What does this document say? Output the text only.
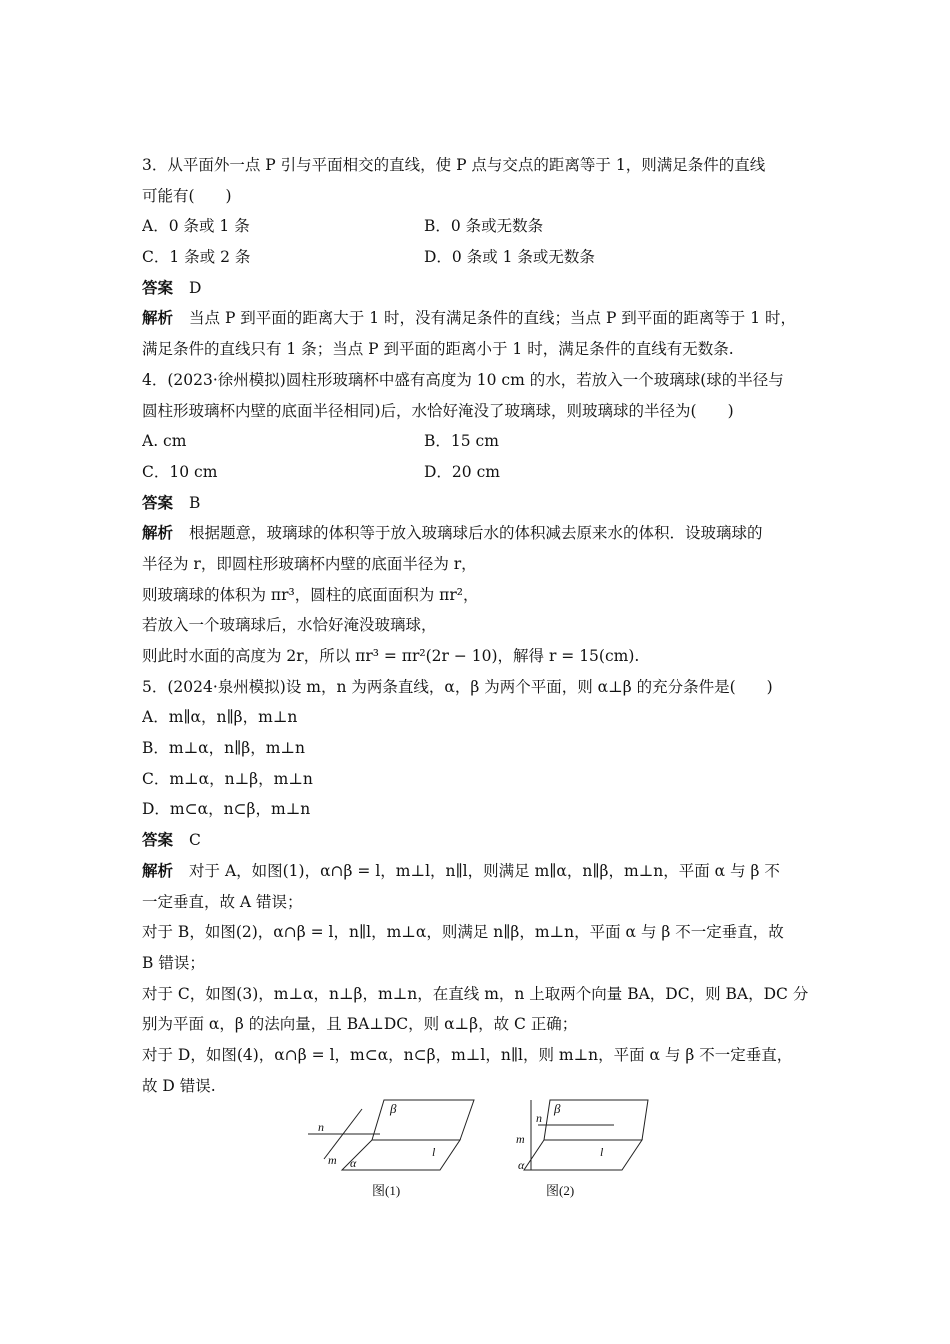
3．从平面外一点 P 引与平面相交的直线，使 P 点与交点的距离等于 1，则满足条件的直线
可能有(　　)
A．0 条或 1 条	B．0 条或无数条
C．1 条或 2 条	D．0 条或 1 条或无数条
答案 D
解析 当点 P 到平面的距离大于 1 时，没有满足条件的直线；当点 P 到平面的距离等于 1 时，
满足条件的直线只有 1 条；当点 P 到平面的距离小于 1 时，满足条件的直线有无数条.
4．(2023·徐州模拟)圆柱形玻璃杯中盛有高度为 10 cm 的水，若放入一个玻璃球(球的半径与
圆柱形玻璃杯内壁的底面半径相同)后，水恰好淹没了玻璃球，则玻璃球的半径为(　　)
A. cm	B．15 cm
C．10 cm	D．20 cm
答案 B
解析 根据题意，玻璃球的体积等于放入玻璃球后水的体积减去原来水的体积．设玻璃球的
半径为 r，即圆柱形玻璃杯内壁的底面半径为 r，
则玻璃球的体积为 πr³，圆柱的底面面积为 πr²，
若放入一个玻璃球后，水恰好淹没玻璃球，
则此时水面的高度为 2r，所以 πr³ = πr²(2r − 10)，解得 r = 15(cm).
5．(2024·泉州模拟)设 m，n 为两条直线，α，β 为两个平面，则 α⊥β 的充分条件是(　　)
A．m∥α，n∥β，m⊥n
B．m⊥α，n∥β，m⊥n
C．m⊥α，n⊥β，m⊥n
D．m⊂α，n⊂β，m⊥n
答案 C
解析 对于 A，如图(1)，α∩β = l，m⊥l，n∥l，则满足 m∥α，n∥β，m⊥n，平面 α 与 β 不
一定垂直，故 A 错误；
对于 B，如图(2)，α∩β = l，n∥l，m⊥α，则满足 n∥β，m⊥n，平面 α 与 β 不一定垂直，故
B 错误；
对于 C，如图(3)，m⊥α，n⊥β，m⊥n，在直线 m，n 上取两个向量 BA，DC，则 BA，DC 分
别为平面 α，β 的法向量，且 BA⊥DC，则 α⊥β，故 C 正确；
对于 D，如图(4)，α∩β = l，m⊂α，n⊂β，m⊥l，n∥l，则 m⊥n，平面 α 与 β 不一定垂直，
故 D 错误.
β
n
m α
l
图(1)
β
n
m
α
l
图(2)
